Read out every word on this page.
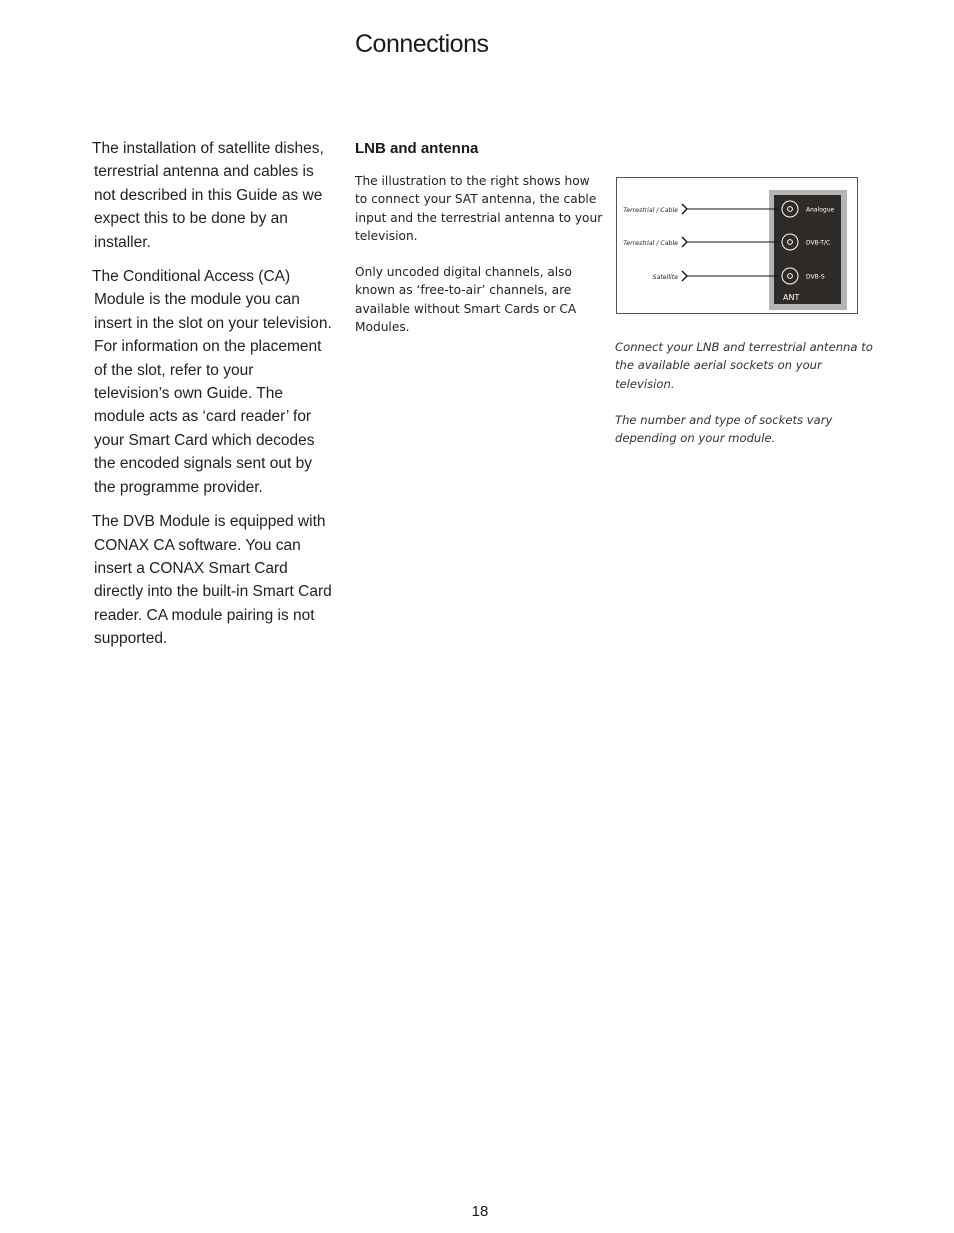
Connections

The installation of satellite dishes, terrestrial antenna and cables is not described in this Guide as we expect this to be done by an installer.

The Conditional Access (CA) Module is the module you can insert in the slot on your television. For information on the placement of the slot, refer to your television’s own Guide. The module acts as ‘card reader’ for your Smart Card which decodes the encoded signals sent out by the programme provider.

The DVB Module is equipped with CONAX CA software. You can insert a CONAX Smart Card directly into the built-in Smart Card reader. CA module pairing is not supported.

LNB and antenna

The illustration to the right shows how to connect your SAT antenna, the cable input and the terrestrial antenna to your television.

Only uncoded digital channels, also known as ‘free-to-air’ channels, are available without Smart Cards or CA Modules.

ANT
Terrestrial / Cable	Analogue
Terrestrial / Cable	DVB-T/C
Satellite	DVB-S

Connect your LNB and terrestrial antenna to the available aerial sockets on your television.

The number and type of sockets vary depending on your module.

18
